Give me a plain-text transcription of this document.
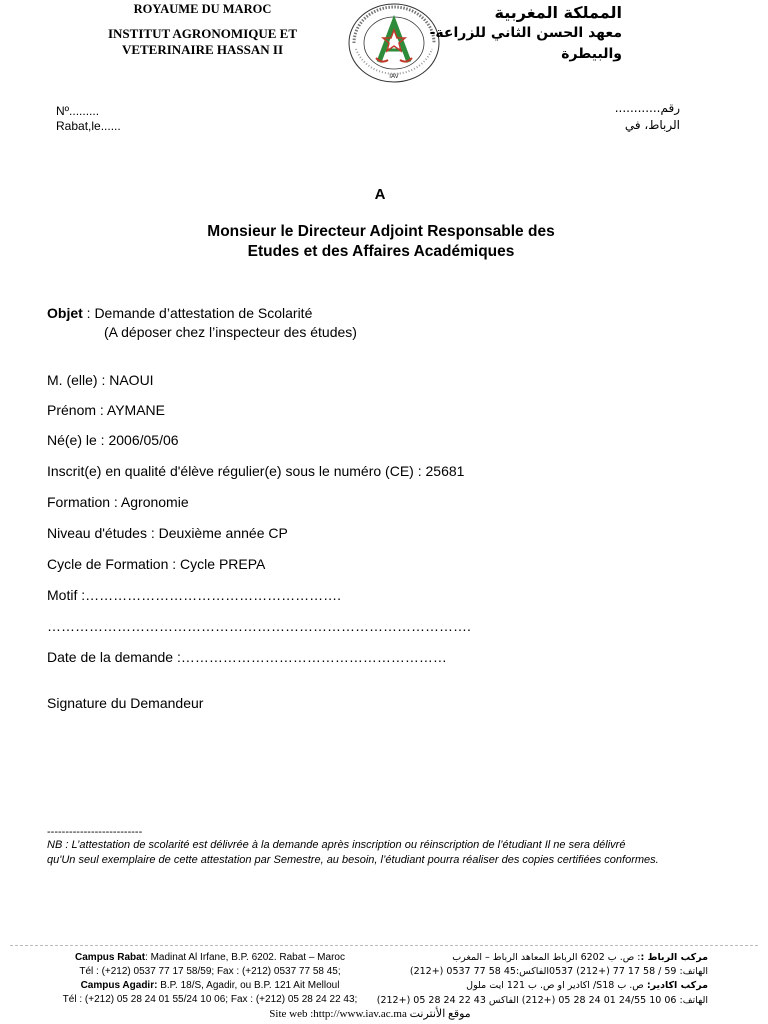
ROYAUME DU MAROC
INSTITUT AGRONOMIQUE ET
VETERINAIRE HASSAN II
IAV
المملكة المغربية
معهد الحسن الثاني للزراعة-
والبيطرة
Nº.........
Rabat,le......
رقم............
الرباط، في
A
Monsieur le Directeur Adjoint Responsable des
Etudes et des Affaires Académiques
Objet : Demande d’attestation de Scolarité
(A déposer chez l’inspecteur des études)
M. (elle) : NAOUI
Prénom : AYMANE
Né(e) le : 2006/05/06
Inscrit(e) en qualité d'élève régulier(e) sous le numéro (CE) : 25681
Formation : Agronomie
Niveau d'études : Deuxième année CP
Cycle de Formation : Cycle PREPA
Motif :……………………………………………….
……………………………………………………………………………….
Date de la demande :…………………………………………………
Signature du Demandeur
--------------------------
NB : L’attestation de scolarité est délivrée à la demande après inscription ou réinscription de l’étudiant Il ne sera délivré
qu'Un seul exemplaire de cette attestation par Semestre, au besoin, l’étudiant pourra réaliser des copies certifiées conformes.
Campus Rabat: Madinat Al Irfane, B.P. 6202. Rabat – Maroc
Tél : (+212) 0537 77 17 58/59; Fax : (+212) 0537 77 58 45;
Campus Agadir: B.P. 18/S, Agadir, ou B.P. 121 Ait Melloul
Tél : (+212) 05 28 24 01 55/24 10 06; Fax : (+212) 05 28 24 22 43;
مركب الرباط :: ص. ب 6202 الرباط المعاهد الرباط – المغرب
الهاتف: 59 / 58 17 77 (+212) 0537الفاكس:45 58 77 0537 (+212)
مركب اكادير: ص. ب S18/ اكادير او ص. ب 121 ايت ملول
الهاتف: 06 10 24/55 01 24 28 05 (+212) الفاكس 43 22 24 28 05 (+212)
Site web :http://www.iav.ac.ma موقع الأنترنت
